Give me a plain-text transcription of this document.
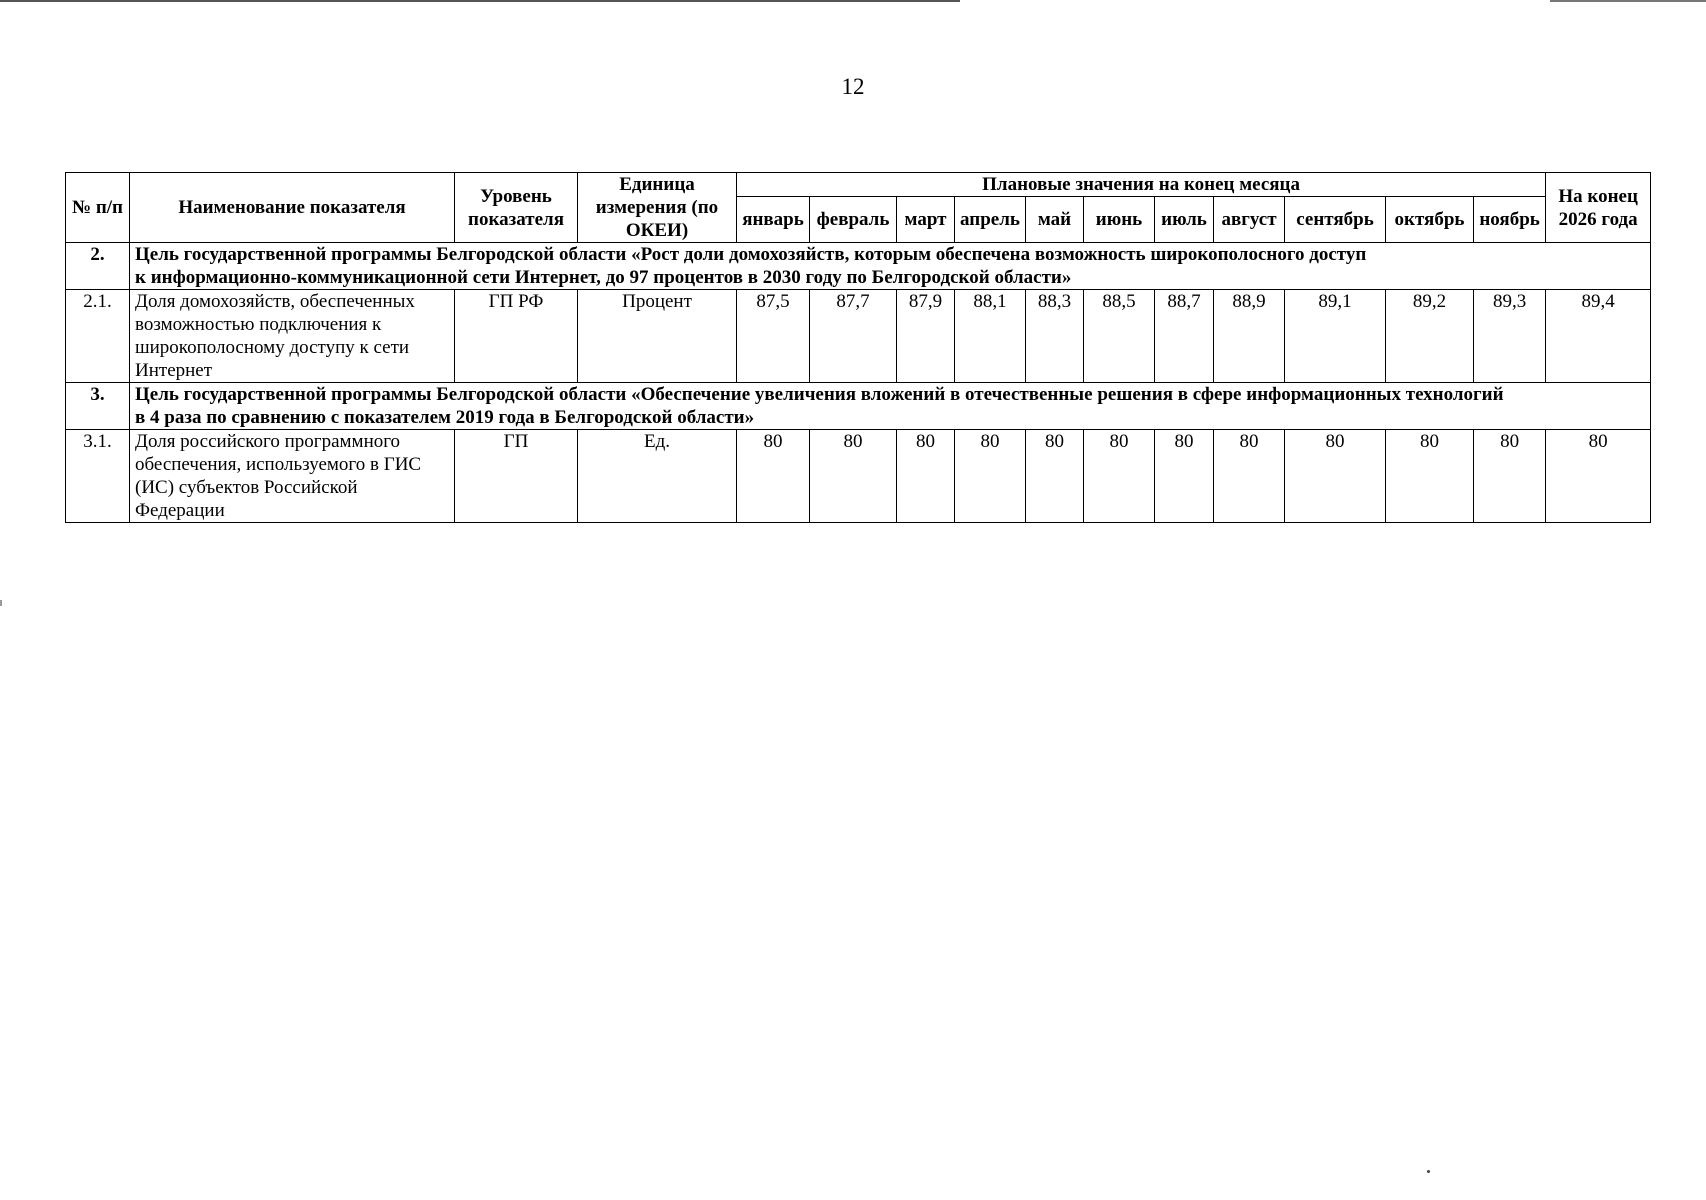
12
№ п/п	Наименование показателя	Уровень показателя	Единица измерения (по ОКЕИ)	Плановые значения на конец месяца											На конец 2026 года
				январь	февраль	март	апрель	май	июнь	июль	август	сентябрь	октябрь	ноябрь	
2.	Цель государственной программы Белгородской области «Рост доли домохозяйств, которым обеспечена возможность широкополосного доступ
к информационно-коммуникационной сети Интернет, до 97 процентов в 2030 году по Белгородской области»														
2.1.	Доля домохозяйств, обеспеченных возможностью подключения к широкополосному доступу к сети Интернет	ГП РФ	Процент	87,5	87,7	87,9	88,1	88,3	88,5	88,7	88,9	89,1	89,2	89,3	89,4
3.	Цель государственной программы Белгородской области «Обеспечение увеличения вложений в отечественные решения в сфере информационных технологий
в 4 раза по сравнению с показателем 2019 года в Белгородской области»														
3.1.	Доля российского программного обеспечения, используемого в ГИС (ИС) субъектов Российской Федерации	ГП	Ед.	80	80	80	80	80	80	80	80	80	80	80	80
